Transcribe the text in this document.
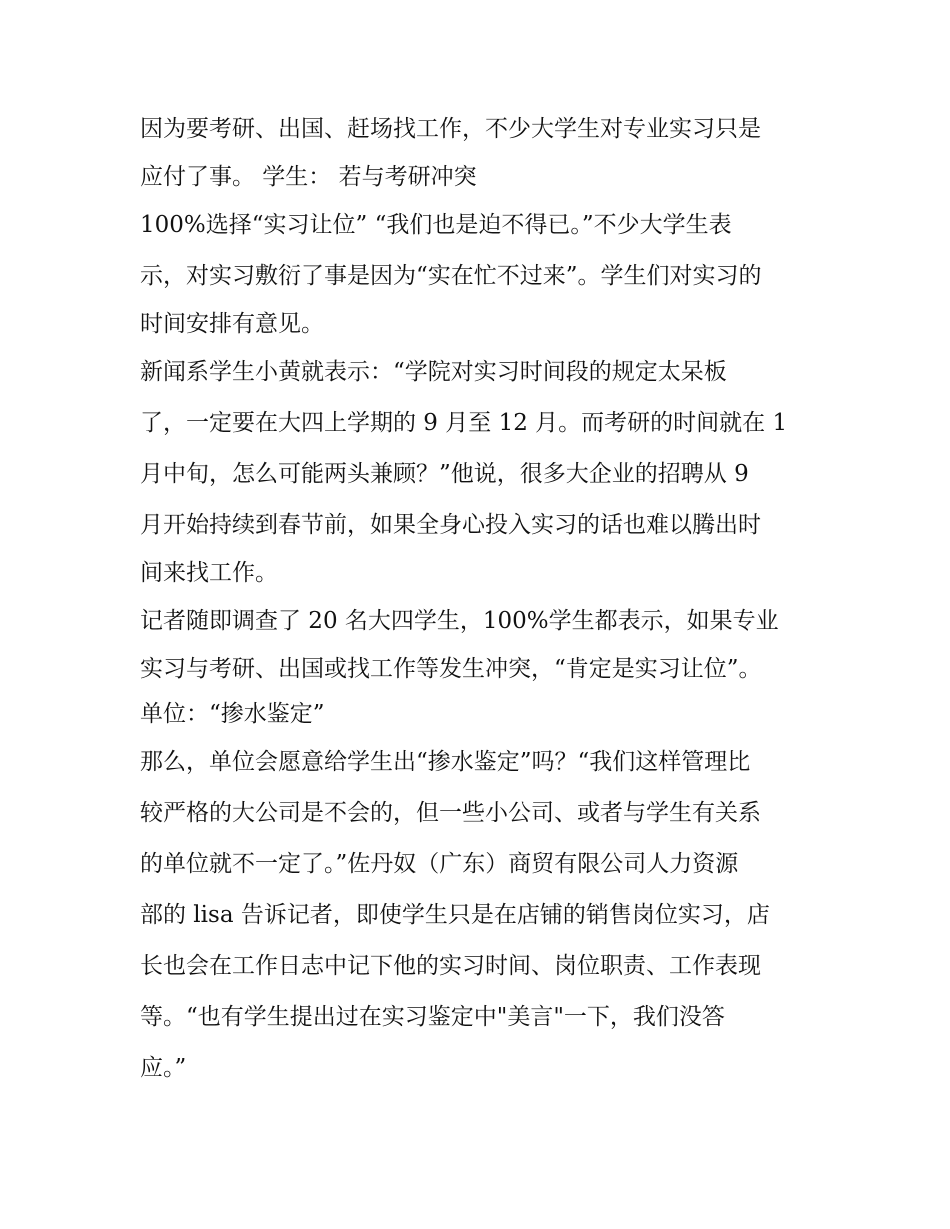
因为要考研、出国、赶场找工作，不少大学生对专业实习只是
应付了事。 学生： 若与考研冲突
100%选择“实习让位” “我们也是迫不得已。”不少大学生表
示，对实习敷衍了事是因为“实在忙不过来”。学生们对实习的
时间安排有意见。
新闻系学生小黄就表示：“学院对实习时间段的规定太呆板
了，一定要在大四上学期的 9 月至 12 月。而考研的时间就在 1
月中旬，怎么可能两头兼顾？”他说，很多大企业的招聘从 9
月开始持续到春节前，如果全身心投入实习的话也难以腾出时
间来找工作。
记者随即调查了 20 名大四学生，100%学生都表示，如果专业
实习与考研、出国或找工作等发生冲突，“肯定是实习让位”。
单位：“掺水鉴定”
那么，单位会愿意给学生出“掺水鉴定”吗？“我们这样管理比
较严格的大公司是不会的，但一些小公司、或者与学生有关系
的单位就不一定了。”佐丹奴（广东）商贸有限公司人力资源
部的 lisa 告诉记者，即使学生只是在店铺的销售岗位实习，店
长也会在工作日志中记下他的实习时间、岗位职责、工作表现
等。“也有学生提出过在实习鉴定中"美言"一下，我们没答
应。”
